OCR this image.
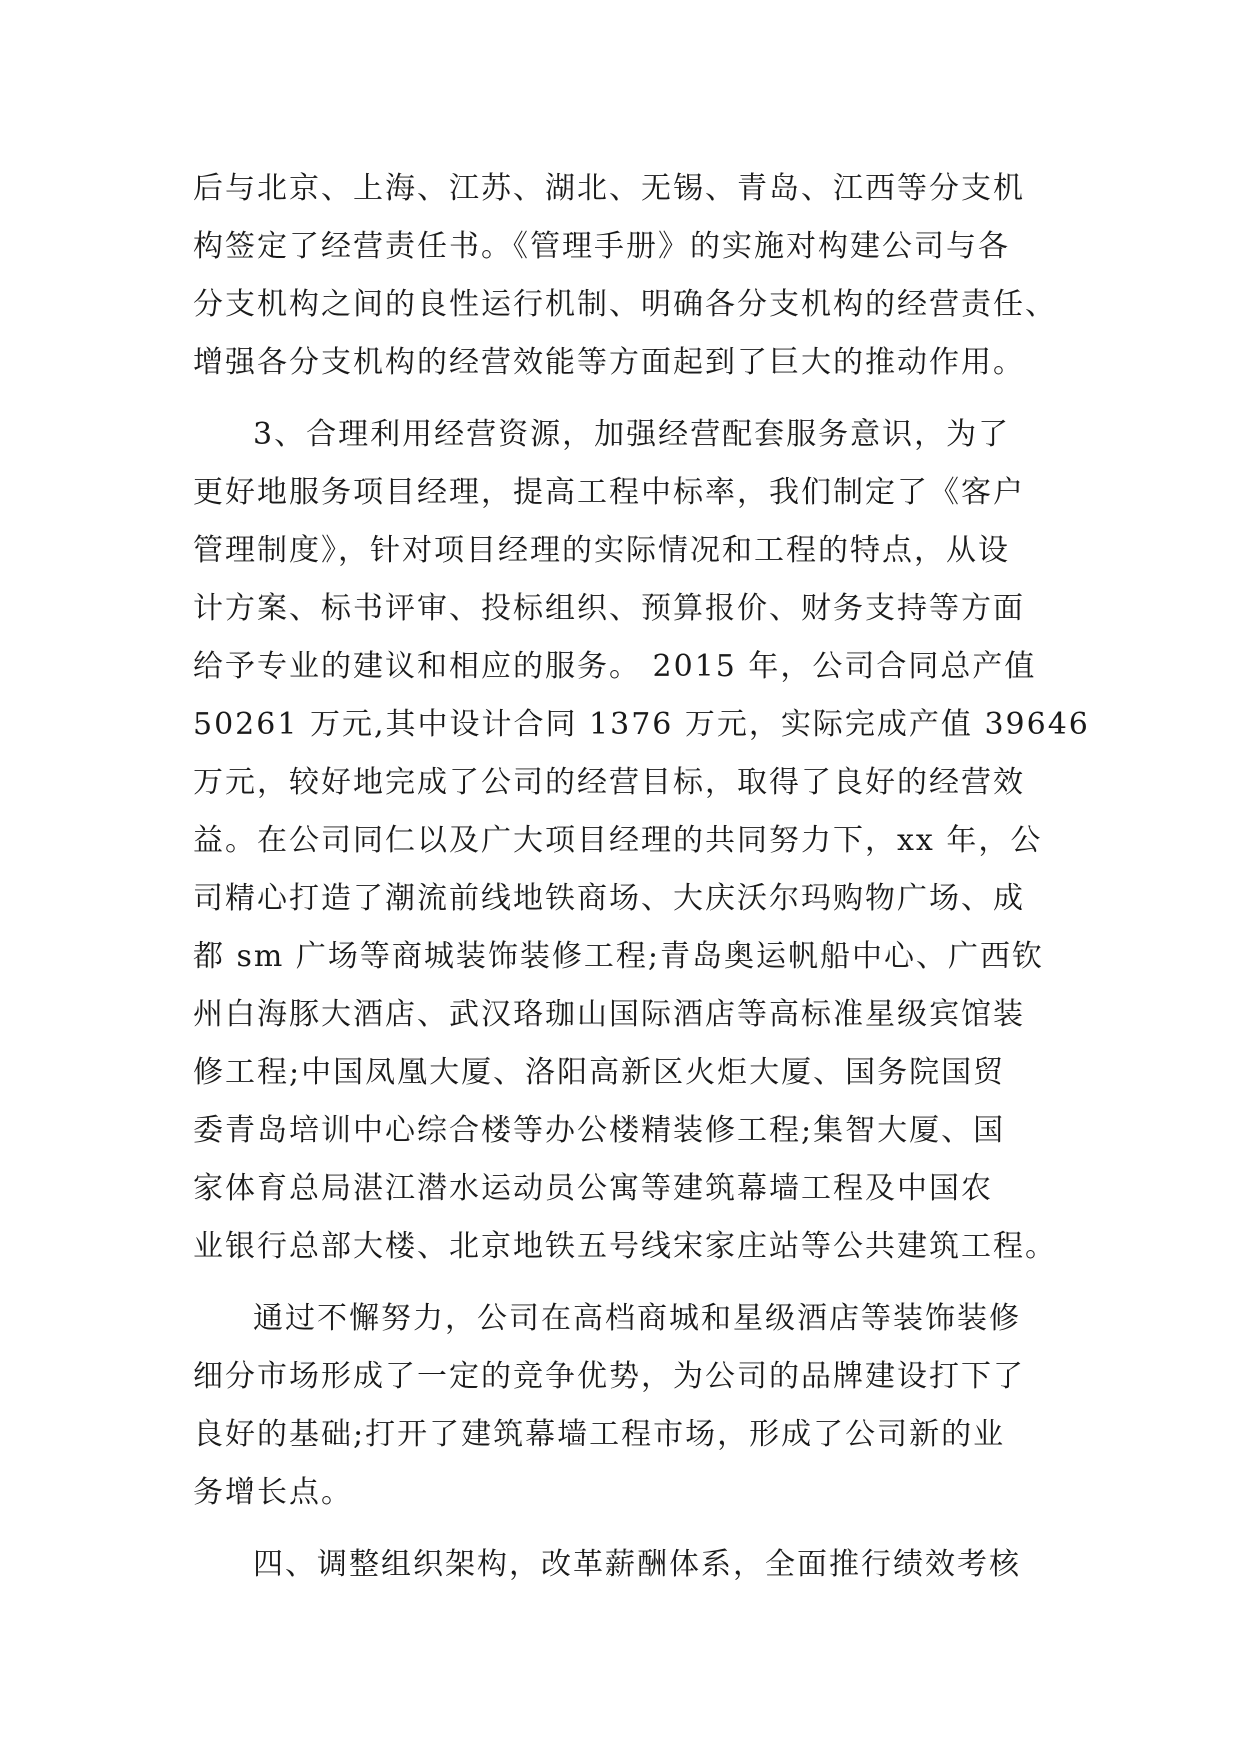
后与北京、上海、江苏、湖北、无锡、青岛、江西等分支机
构签定了经营责任书。《管理手册》的实施对构建公司与各
分支机构之间的良性运行机制、明确各分支机构的经营责任、
增强各分支机构的经营效能等方面起到了巨大的推动作用。
3、合理利用经营资源，加强经营配套服务意识，为了
更好地服务项目经理，提高工程中标率，我们制定了《客户
管理制度》，针对项目经理的实际情况和工程的特点，从设
计方案、标书评审、投标组织、预算报价、财务支持等方面
给予专业的建议和相应的服务。 2015 年，公司合同总产值
50261 万元,其中设计合同 1376 万元，实际完成产值 39646
万元，较好地完成了公司的经营目标，取得了良好的经营效
益。在公司同仁以及广大项目经理的共同努力下，xx 年，公
司精心打造了潮流前线地铁商场、大庆沃尔玛购物广场、成
都 sm 广场等商城装饰装修工程;青岛奥运帆船中心、广西钦
州白海豚大酒店、武汉珞珈山国际酒店等高标准星级宾馆装
修工程;中国凤凰大厦、洛阳高新区火炬大厦、国务院国贸
委青岛培训中心综合楼等办公楼精装修工程;集智大厦、国
家体育总局湛江潜水运动员公寓等建筑幕墙工程及中国农
业银行总部大楼、北京地铁五号线宋家庄站等公共建筑工程。
通过不懈努力，公司在高档商城和星级酒店等装饰装修
细分市场形成了一定的竞争优势，为公司的品牌建设打下了
良好的基础;打开了建筑幕墙工程市场，形成了公司新的业
务增长点。
四、调整组织架构，改革薪酬体系，全面推行绩效考核
